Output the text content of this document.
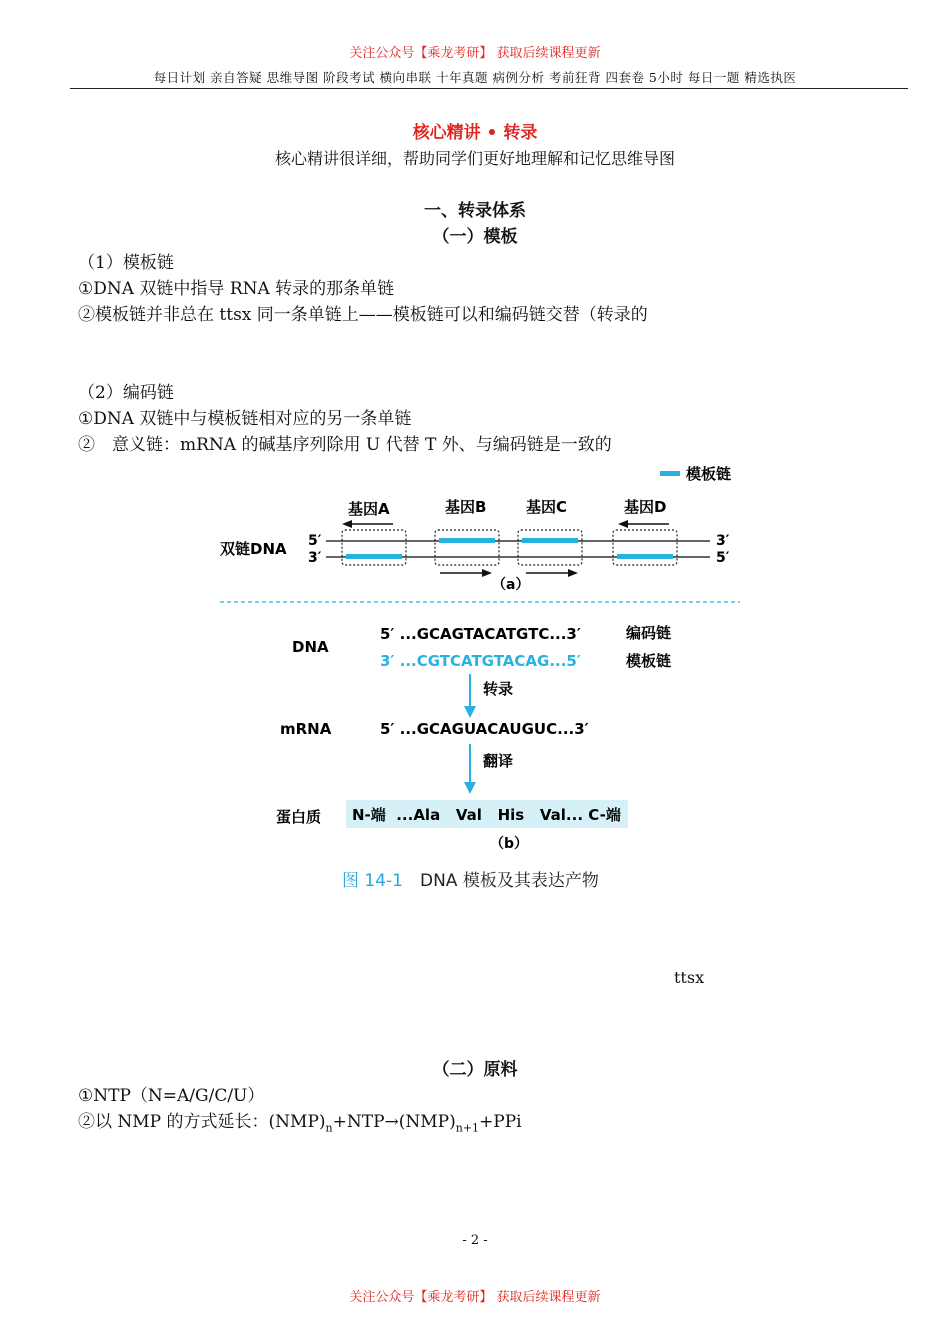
关注公众号【乘龙考研】 获取后续课程更新
每日计划 亲自答疑 思维导图 阶段考试 横向串联 十年真题 病例分析 考前狂背 四套卷 5小时 每日一题 精选执医
核心精讲 • 转录
核心精讲很详细，帮助同学们更好地理解和记忆思维导图
一、转录体系
（一）模板
（1）模板链
①DNA 双链中指导 RNA 转录的那条单链
②模板链并非总在 ttsx 同一条单链上——模板链可以和编码链交替（转录的
（2）编码链
①DNA 双链中与模板链相对应的另一条单链
②　意义链：mRNA 的碱基序列除用 U 代替 T 外、与编码链是一致的
模板链
基因A	基因B	基因C	基因D
双链DNA 5′
3′
3′
5′
（a）
DNA
5′ ...GCAGTACATGTC...3′	编码链
3′ ...CGTCATGTACAG...5′	模板链
转录
mRNA	5′ ...GCAGUACAUGUC...3′
翻译
蛋白质 N-端  ...Ala   Val   His   Val... C-端
（b）
图 14-1 DNA 模板及其表达产物
ttsx
（二）原料
①NTP（N=A/G/C/U）
②以 NMP 的方式延长：$(NMP)_n+NTP\to(NMP)_{n+1}+PPi$
- 2 -
关注公众号【乘龙考研】 获取后续课程更新
